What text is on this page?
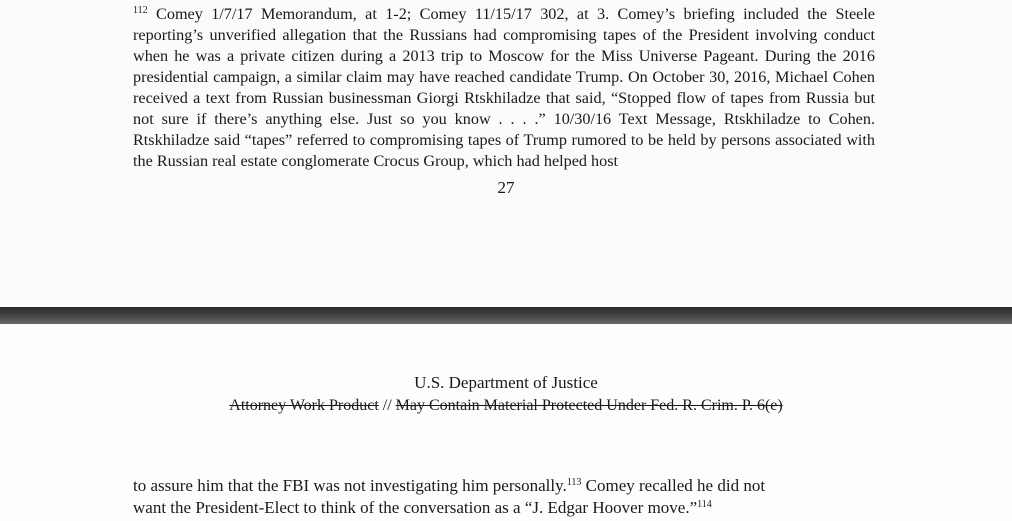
$^{112}$ Comey 1/7/17 Memorandum, at 1-2; Comey 11/15/17 302, at 3. Comey’s briefing included the Steele reporting’s unverified allegation that the Russians had compromising tapes of the President involving conduct when he was a private citizen during a 2013 trip to Moscow for the Miss Universe Pageant. During the 2016 presidential campaign, a similar claim may have reached candidate Trump. On October 30, 2016, Michael Cohen received a text from Russian businessman Giorgi Rtskhiladze that said, “Stopped flow of tapes from Russia but not sure if there’s anything else. Just so you know . . . .” 10/30/16 Text Message, Rtskhiladze to Cohen. Rtskhiladze said “tapes” referred to compromising tapes of Trump rumored to be held by persons associated with the Russian real estate conglomerate Crocus Group, which had helped host
27
U.S. Department of Justice
Attorney Work Product // May Contain Material Protected Under Fed. R. Crim. P. 6(e)
to assure him that the FBI was not investigating him personally.$^{113}$ Comey recalled he did not
want the President-Elect to think of the conversation as a “J. Edgar Hoover move.”$^{114}$
